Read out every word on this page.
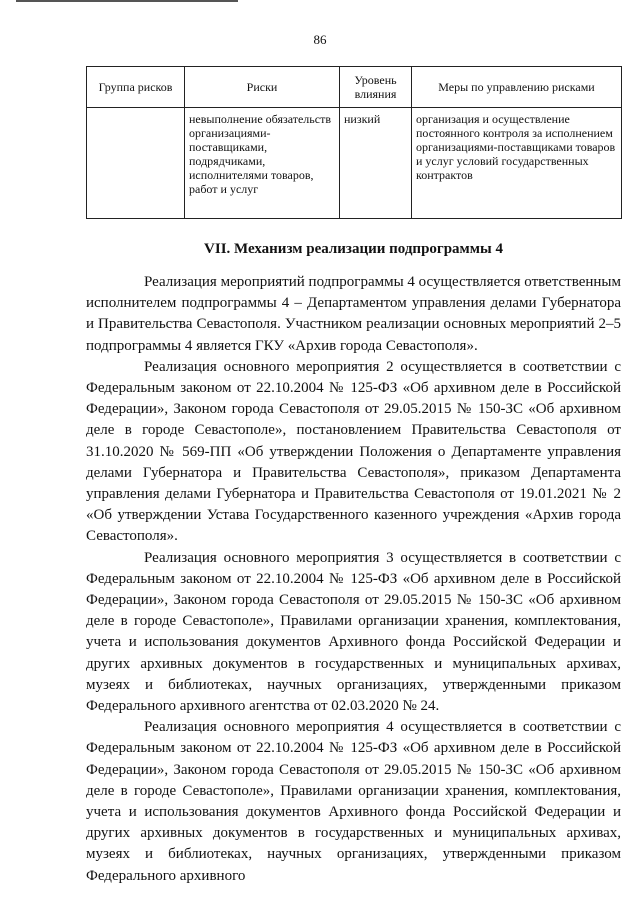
86
Группа рисков	Риски	Уровень влияния	Меры по управлению рисками
	невыполнение обязательств организациями-поставщиками, подрядчиками, исполнителями товаров, работ и услуг	низкий	организация и осуществление постоянного контроля за исполнением организациями-поставщиками товаров и услуг условий государственных контрактов
VII. Механизм реализации подпрограммы 4

Реализация мероприятий подпрограммы 4 осуществляется ответственным исполнителем подпрограммы 4 – Департаментом управления делами Губернатора и Правительства Севастополя. Участником реализации основных мероприятий 2–5 подпрограммы 4 является ГКУ «Архив города Севастополя».

Реализация основного мероприятия 2 осуществляется в соответствии с Федеральным законом от 22.10.2004 № 125-ФЗ «Об архивном деле в Российской Федерации», Законом города Севастополя от 29.05.2015 № 150-ЗС «Об архивном деле в городе Севастополе», постановлением Правительства Севастополя от 31.10.2020 № 569-ПП «Об утверждении Положения о Департаменте управления делами Губернатора и Правительства Севастополя», приказом Департамента управления делами Губернатора и Правительства Севастополя от 19.01.2021 № 2 «Об утверждении Устава Государственного казенного учреждения «Архив города Севастополя».

Реализация основного мероприятия 3 осуществляется в соответствии с Федеральным законом от 22.10.2004 № 125-ФЗ «Об архивном деле в Российской Федерации», Законом города Севастополя от 29.05.2015 № 150-ЗС «Об архивном деле в городе Севастополе», Правилами организации хранения, комплектования, учета и использования документов Архивного фонда Российской Федерации и других архивных документов в государственных и муниципальных архивах, музеях и библиотеках, научных организациях, утвержденными приказом Федерального архивного агентства от 02.03.2020 № 24.

Реализация основного мероприятия 4 осуществляется в соответствии с Федеральным законом от 22.10.2004 № 125-ФЗ «Об архивном деле в Российской Федерации», Законом города Севастополя от 29.05.2015 № 150-ЗС «Об архивном деле в городе Севастополе», Правилами организации хранения, комплектования, учета и использования документов Архивного фонда Российской Федерации и других архивных документов в государственных и муниципальных архивах, музеях и библиотеках, научных организациях, утвержденными приказом Федерального архивного
